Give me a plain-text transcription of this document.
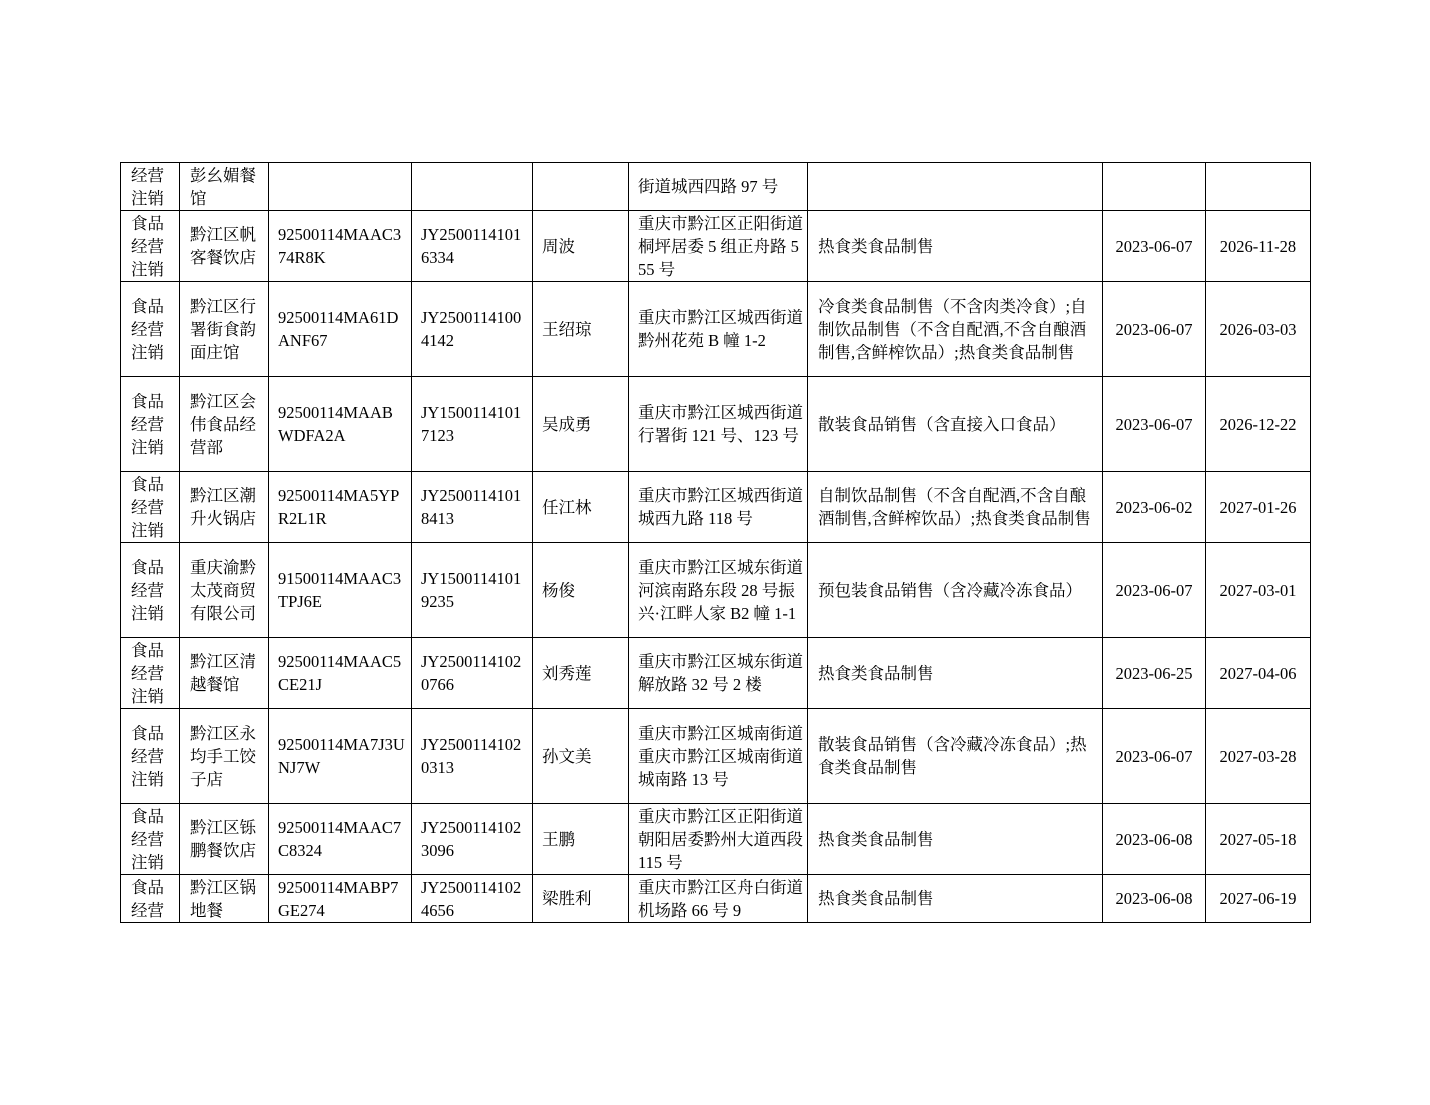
经营注销	彭幺媚餐馆				街道城西四路 97 号			

食品经营注销	黔江区帆客餐饮店	92500114MAAC374R8K	JY25001141016334	周波	重庆市黔江区正阳街道桐坪居委 5 组正舟路 555 号	热食类食品制售	2023-06-07	2026-11-28

食品经营注销	黔江区行署街食韵面庄馆	92500114MA61DANF67	JY25001141004142	王绍琼	重庆市黔江区城西街道黔州花苑 B 幢 1-2	冷食类食品制售（不含肉类冷食）;自制饮品制售（不含自配酒,不含自酿酒制售,含鲜榨饮品）;热食类食品制售	2023-06-07	2026-03-03

食品经营注销	黔江区会伟食品经营部	92500114MAABWDFA2A	JY15001141017123	吴成勇	重庆市黔江区城西街道行署街 121 号、123 号	散装食品销售（含直接入口食品）	2023-06-07	2026-12-22

食品经营注销	黔江区潮升火锅店	92500114MA5YPR2L1R	JY25001141018413	任江林	重庆市黔江区城西街道城西九路 118 号	自制饮品制售（不含自配酒,不含自酿酒制售,含鲜榨饮品）;热食类食品制售	2023-06-02	2027-01-26

食品经营注销	重庆渝黔太茂商贸有限公司	91500114MAAC3TPJ6E	JY15001141019235	杨俊	重庆市黔江区城东街道河滨南路东段 28 号振兴·江畔人家 B2 幢 1-1	预包装食品销售（含冷藏冷冻食品）	2023-06-07	2027-03-01

食品经营注销	黔江区清越餐馆	92500114MAAC5CE21J	JY25001141020766	刘秀莲	重庆市黔江区城东街道解放路 32 号 2 楼	热食类食品制售	2023-06-25	2027-04-06

食品经营注销	黔江区永均手工饺子店	92500114MA7J3UNJ7W	JY25001141020313	孙文美	重庆市黔江区城南街道重庆市黔江区城南街道城南路 13 号	散装食品销售（含冷藏冷冻食品）;热食类食品制售	2023-06-07	2027-03-28

食品经营注销	黔江区铄鹏餐饮店	92500114MAAC7C8324	JY25001141023096	王鹏	重庆市黔江区正阳街道朝阳居委黔州大道西段 115 号	热食类食品制售	2023-06-08	2027-05-18

食品经营	黔江区锅地餐	92500114MABP7GE274	JY25001141024656	梁胜利	重庆市黔江区舟白街道机场路 66 号 9	热食类食品制售	2023-06-08	2027-06-19
